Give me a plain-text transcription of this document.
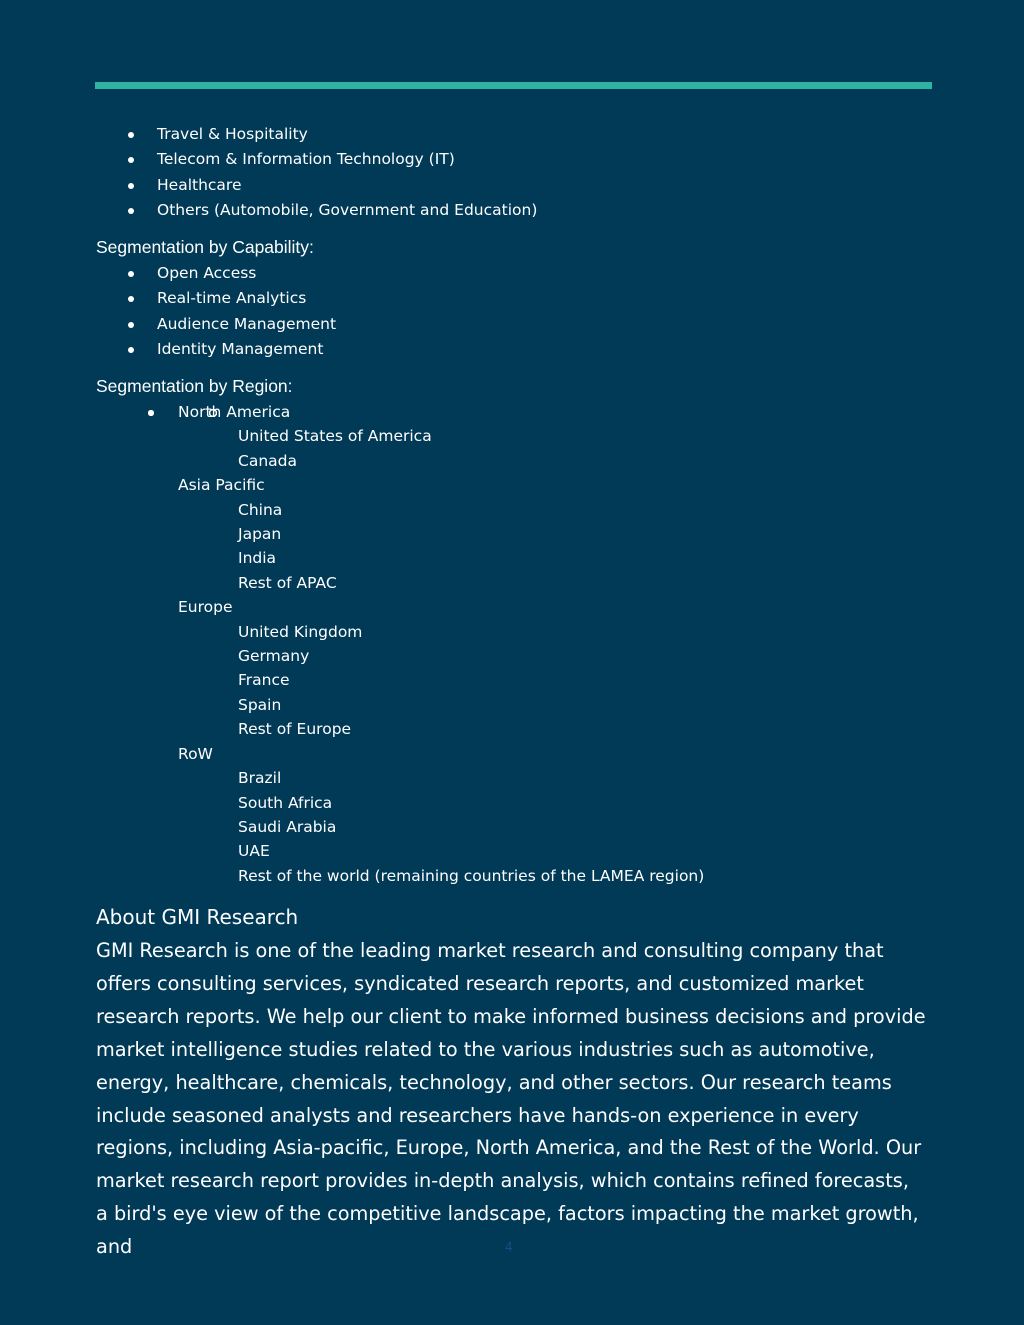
Travel & Hospitality
Telecom & Information Technology (IT)
Healthcare
Others (Automobile, Government and Education)
Segmentation by Capability:
Open Access
Real-time Analytics
Audience Management
Identity Management
Segmentation by Region:
North America
United States of America
Canada
Asia Pacific
China
Japan
India
Rest of APAC
Europe
United Kingdom
Germany
France
Spain
Rest of Europe
RoW
Brazil
South Africa
Saudi Arabia
UAE
Rest of the world (remaining countries of the LAMEA region)
About GMI Research
GMI Research is one of the leading market research and consulting company that offers consulting services, syndicated research reports, and customized market research reports. We help our client to make informed business decisions and provide market intelligence studies related to the various industries such as automotive, energy, healthcare, chemicals, technology, and other sectors. Our research teams include seasoned analysts and researchers have hands-on experience in every regions, including Asia-pacific, Europe, North America, and the Rest of the World. Our market research report provides in-depth analysis, which contains refined forecasts, a bird's eye view of the competitive landscape, factors impacting the market growth, and	4
